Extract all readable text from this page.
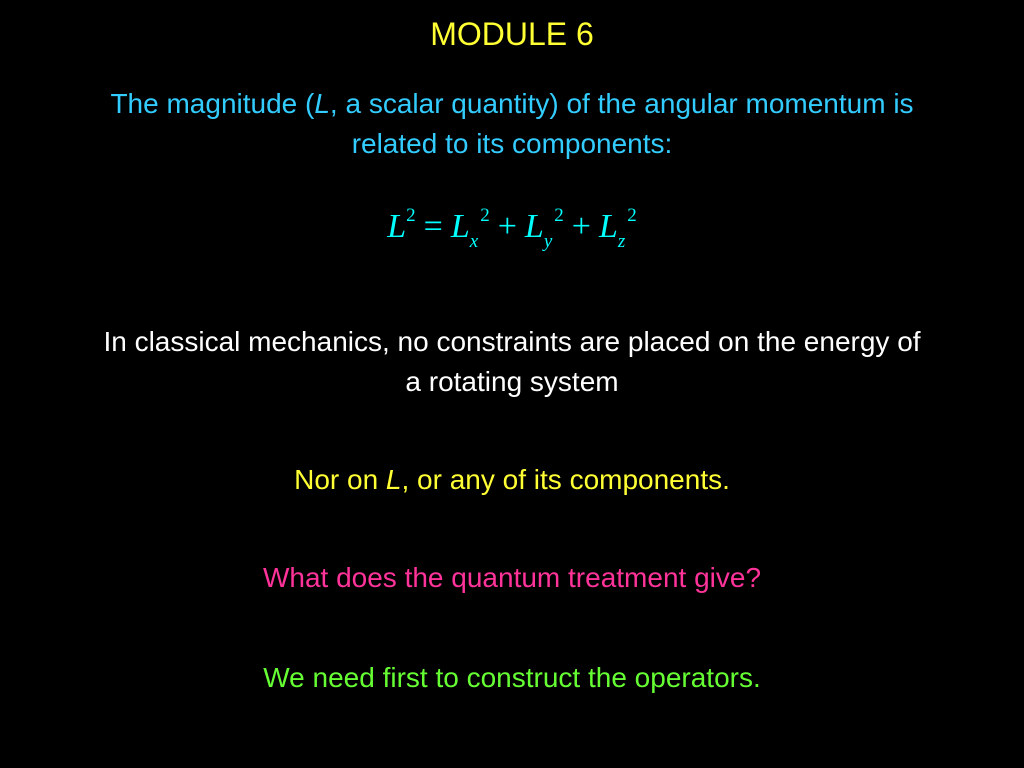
MODULE 6
The magnitude (L, a scalar quantity) of the angular momentum is
related to its components:
$L^2 = L_x^2 + L_y^2 + L_z^2$
In classical mechanics, no constraints are placed on the energy of
a rotating system
Nor on L, or any of its components.
What does the quantum treatment give?
We need first to construct the operators.
